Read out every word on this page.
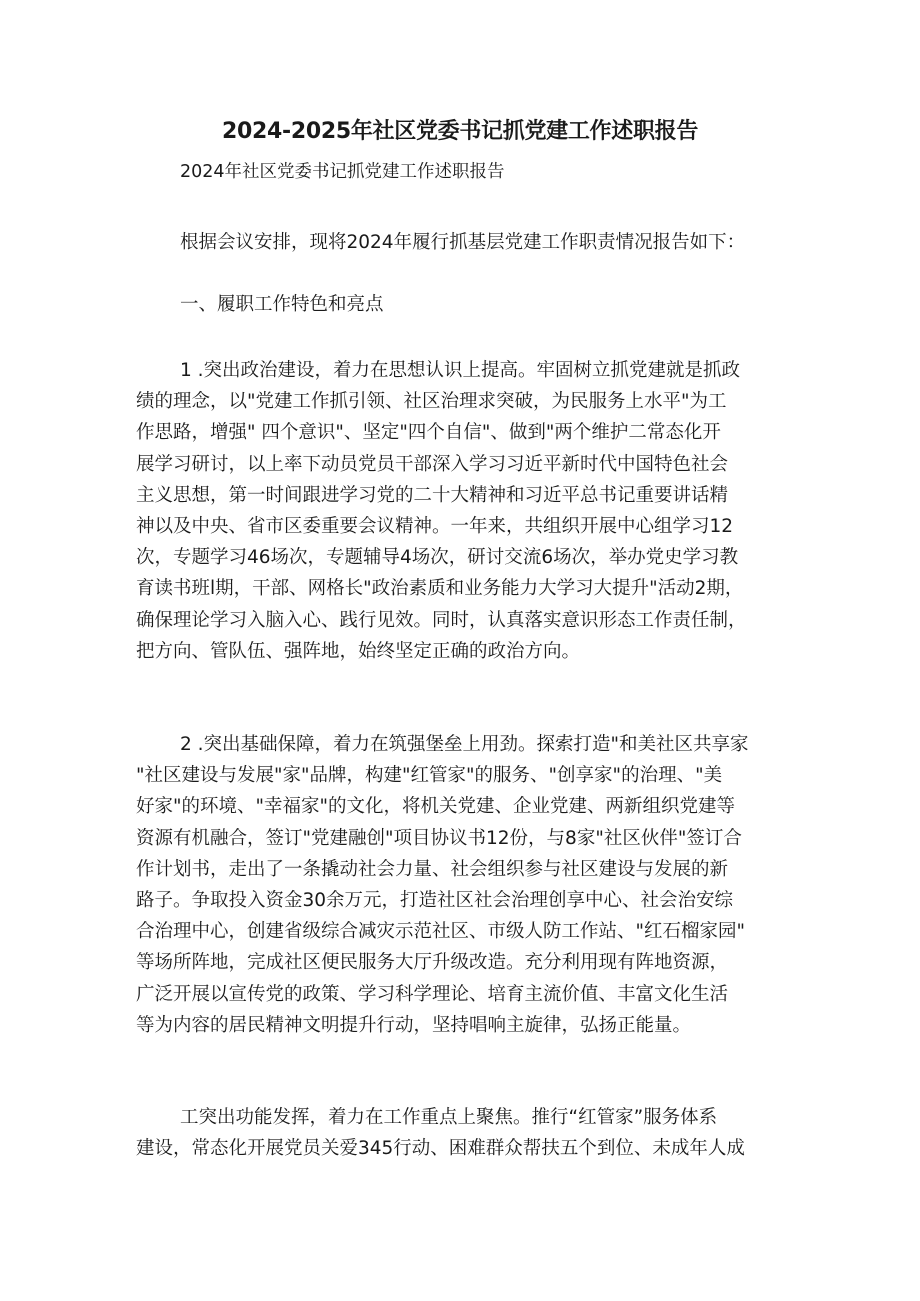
2024-2025年社区党委书记抓党建工作述职报告

2024年社区党委书记抓党建工作述职报告

根据会议安排，现将2024年履行抓基层党建工作职责情况报告如下：

一、履职工作特色和亮点

1 .突出政治建设，着力在思想认识上提高。牢固树立抓党建就是抓政
绩的理念，以"党建工作抓引领、社区治理求突破，为民服务上水平"为工
作思路，增强" 四个意识"、坚定"四个自信"、做到"两个维护二常态化开
展学习研讨，以上率下动员党员干部深入学习习近平新时代中国特色社会
主义思想，第一时间跟进学习党的二十大精神和习近平总书记重要讲话精
神以及中央、省市区委重要会议精神。一年来，共组织开展中心组学习12
次，专题学习46场次，专题辅导4场次，研讨交流6场次，举办党史学习教
育读书班l期，干部、网格长"政治素质和业务能力大学习大提升"活动2期，
确保理论学习入脑入心、践行见效。同时，认真落实意识形态工作责任制，
把方向、管队伍、强阵地，始终坚定正确的政治方向。

2 .突出基础保障，着力在筑强堡垒上用劲。探索打造"和美社区共享家
"社区建设与发展"家"品牌，构建"红管家"的服务、"创享家"的治理、"美
好家"的环境、"幸福家"的文化，将机关党建、企业党建、两新组织党建等
资源有机融合，签订"党建融创"项目协议书12份，与8家"社区伙伴"签订合
作计划书，走出了一条撬动社会力量、社会组织参与社区建设与发展的新
路子。争取投入资金30余万元，打造社区社会治理创享中心、社会治安综
合治理中心，创建省级综合减灾示范社区、市级人防工作站、"红石榴家园"
等场所阵地，完成社区便民服务大厅升级改造。充分利用现有阵地资源，
广泛开展以宣传党的政策、学习科学理论、培育主流价值、丰富文化生活
等为内容的居民精神文明提升行动，坚持唱响主旋律，弘扬正能量。

工突出功能发挥，着力在工作重点上聚焦。推行“红管家”服务体系
建设，常态化开展党员关爱345行动、困难群众帮扶五个到位、未成年人成
